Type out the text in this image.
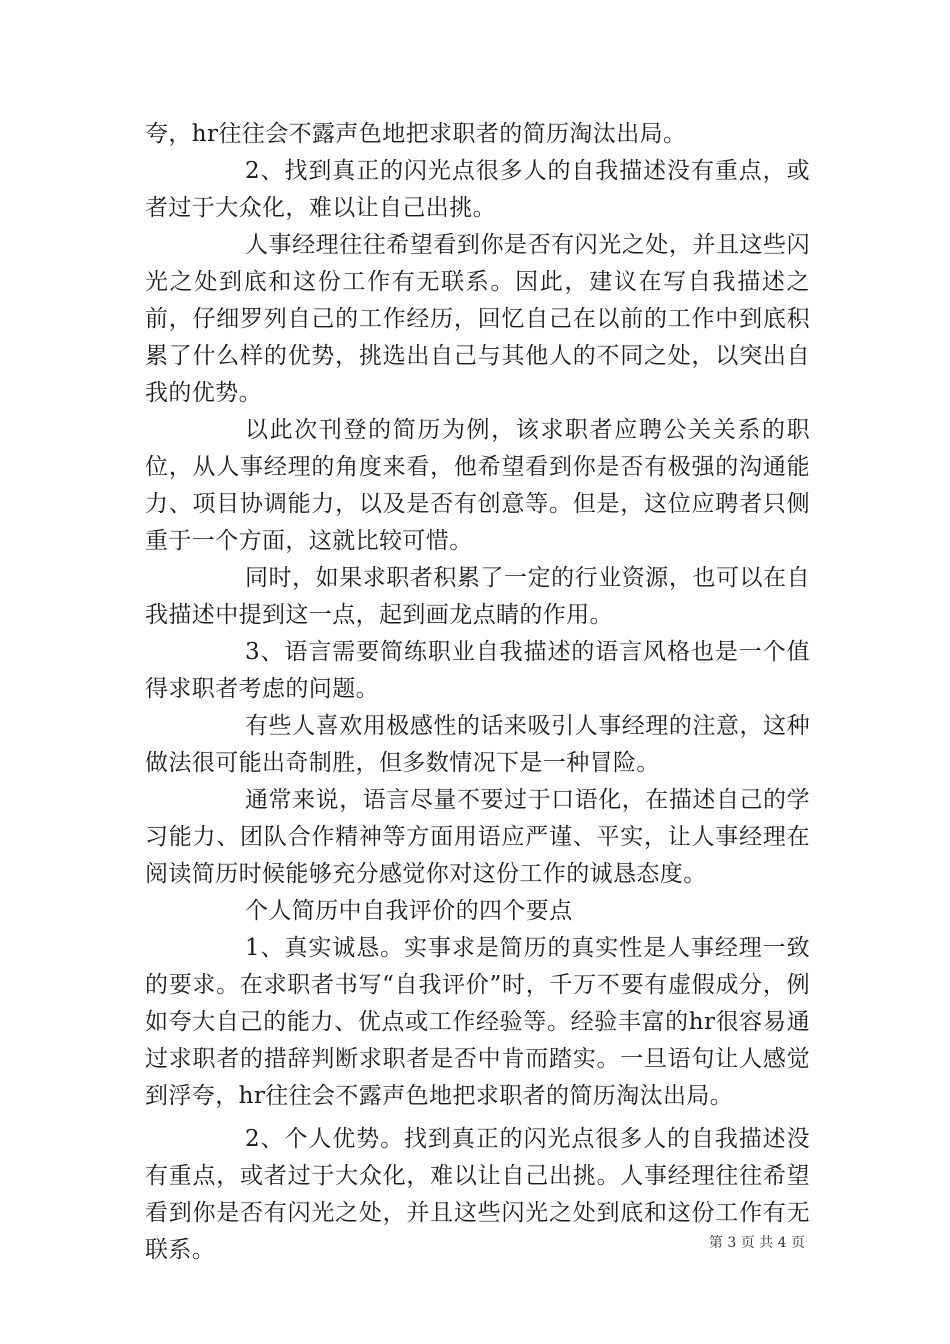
夸，hr往往会不露声色地把求职者的简历淘汰出局。

2、找到真正的闪光点很多人的自我描述没有重点，或者过于大众化，难以让自己出挑。

人事经理往往希望看到你是否有闪光之处，并且这些闪光之处到底和这份工作有无联系。因此，建议在写自我描述之前，仔细罗列自己的工作经历，回忆自己在以前的工作中到底积累了什么样的优势，挑选出自己与其他人的不同之处，以突出自我的优势。

以此次刊登的简历为例，该求职者应聘公关关系的职位，从人事经理的角度来看，他希望看到你是否有极强的沟通能力、项目协调能力，以及是否有创意等。但是，这位应聘者只侧重于一个方面，这就比较可惜。

同时，如果求职者积累了一定的行业资源，也可以在自我描述中提到这一点，起到画龙点睛的作用。

3、语言需要简练职业自我描述的语言风格也是一个值得求职者考虑的问题。

有些人喜欢用极感性的话来吸引人事经理的注意，这种做法很可能出奇制胜，但多数情况下是一种冒险。

通常来说，语言尽量不要过于口语化，在描述自己的学习能力、团队合作精神等方面用语应严谨、平实，让人事经理在阅读简历时候能够充分感觉你对这份工作的诚恳态度。

个人简历中自我评价的四个要点

1、真实诚恳。实事求是简历的真实性是人事经理一致的要求。在求职者书写“自我评价”时，千万不要有虚假成分，例如夸大自己的能力、优点或工作经验等。经验丰富的hr很容易通过求职者的措辞判断求职者是否中肯而踏实。一旦语句让人感觉到浮夸，hr往往会不露声色地把求职者的简历淘汰出局。

2、个人优势。找到真正的闪光点很多人的自我描述没有重点，或者过于大众化，难以让自己出挑。人事经理往往希望看到你是否有闪光之处，并且这些闪光之处到底和这份工作有无联系。	第 3 页 共 4 页
